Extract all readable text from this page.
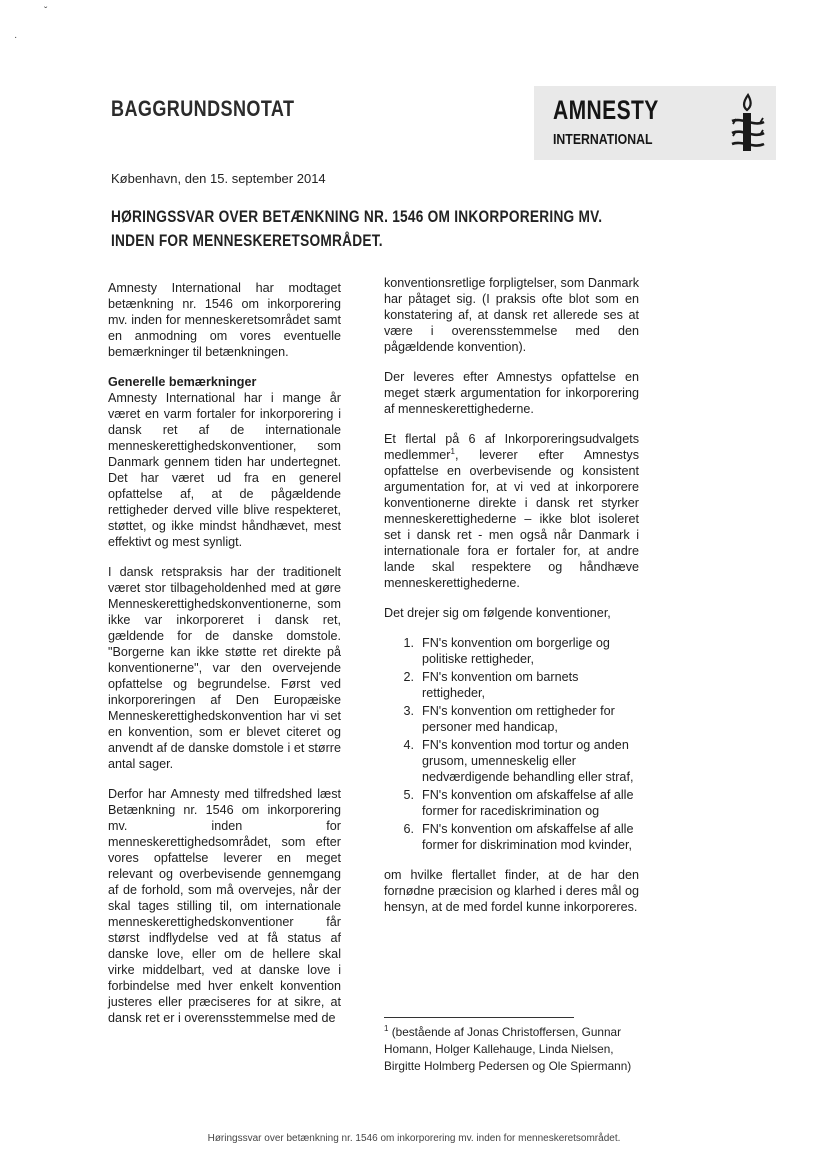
ˇ
·
BAGGRUNDSNOTAT	AMNESTY
INTERNATIONAL
København, den 15. september 2014
HØRINGSSVAR OVER BETÆNKNING NR. 1546 OM INKORPORERING MV.
INDEN FOR MENNESKERETSOMRÅDET.

Amnesty International har modtaget betænkning nr. 1546 om inkorporering mv. inden for menneskeretsområdet samt en anmodning om vores eventuelle bemærkninger til betænkningen.

Generelle bemærkninger
Amnesty International har i mange år været en varm fortaler for inkorporering i dansk ret af de internationale menneskerettighedskonventioner, som Danmark gennem tiden har undertegnet. Det har været ud fra en generel opfattelse af, at de pågældende rettigheder derved ville blive respekteret, støttet, og ikke mindst håndhævet, mest effektivt og mest synligt.

I dansk retspraksis har der traditionelt været stor tilbageholdenhed med at gøre Menneskerettighedskonventionerne, som ikke var inkorporeret i dansk ret, gældende for de danske domstole. "Borgerne kan ikke støtte ret direkte på konventionerne", var den overvejende opfattelse og begrundelse. Først ved inkorporeringen af Den Europæiske Menneskerettighedskonvention har vi set en konvention, som er blevet citeret og anvendt af de danske domstole i et større antal sager.

Derfor har Amnesty med tilfredshed læst Betænkning nr. 1546 om inkorporering mv. inden for menneskerettighedsområdet, som efter vores opfattelse leverer en meget relevant og overbevisende gennemgang af de forhold, som må overvejes, når der skal tages stilling til, om internationale menneskerettighedskonventioner får størst indflydelse ved at få status af danske love, eller om de hellere skal virke middelbart, ved at danske love i forbindelse med hver enkelt konvention justeres eller præciseres for at sikre, at dansk ret er i overensstemmelse med de

konventionsretlige forpligtelser, som Danmark har påtaget sig. (I praksis ofte blot som en konstatering af, at dansk ret allerede ses at være i overensstemmelse med den pågældende konvention).

Der leveres efter Amnestys opfattelse en meget stærk argumentation for inkorporering af menneskerettighederne.

Et flertal på 6 af Inkorporeringsudvalgets medlemmer$^1$, leverer efter Amnestys opfattelse en overbevisende og konsistent argumentation for, at vi ved at inkorporere konventionerne direkte i dansk ret styrker menneskerettighederne – ikke blot isoleret set i dansk ret - men også når Danmark i internationale fora er fortaler for, at andre lande skal respektere og håndhæve menneskerettighederne.

Det drejer sig om følgende konventioner,

1. FN's konvention om borgerlige og politiske rettigheder,
2. FN's konvention om barnets rettigheder,
3. FN's konvention om rettigheder for personer med handicap,
4. FN's konvention mod tortur og anden grusom, umenneskelig eller nedværdigende behandling eller straf,
5. FN's konvention om afskaffelse af alle former for racediskrimination og
6. FN's konvention om afskaffelse af alle former for diskrimination mod kvinder,

om hvilke flertallet finder, at de har den fornødne præcision og klarhed i deres mål og hensyn, at de med fordel kunne inkorporeres.

$^1$ (bestående af Jonas Christoffersen, Gunnar Homann, Holger Kallehauge, Linda Nielsen, Birgitte Holmberg Pedersen og Ole Spiermann)
Høringssvar over betænkning nr. 1546 om inkorporering mv. inden for menneskeretsområdet.
